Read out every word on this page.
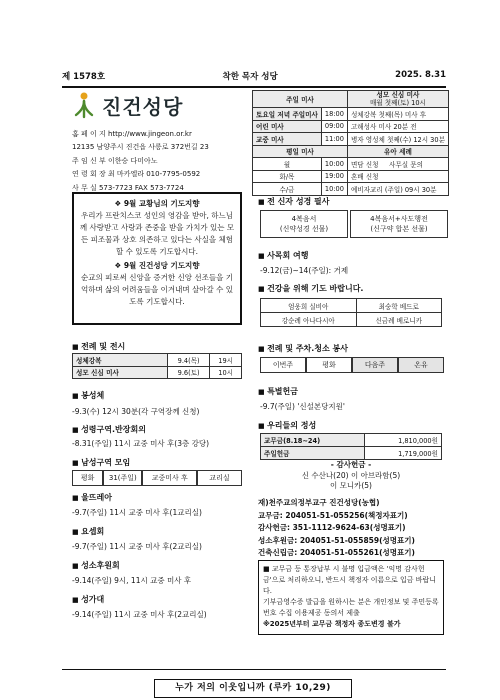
제 1578호	착한 목자 성당	2025. 8.31
진건성당
홈 페 이 지 http://www.jingeon.or.kr
12135 남양주시 진건읍 사릉로 372번길 23
주 임 신 부 이한승 다미아노
연 령 회 장 최 마카엘라 010-7795-0592
사 무 실 573-7723 FAX 573-7724
주일 미사		성모 신심 미사
매월 첫째(토) 10시
토요일 저녁 주일미사	18:00	성체강복 첫째(목) 미사 후
어린 미사	09:00	고해성사 미사 20분 전
교중 미사	11:00	병자 영성체 첫째(수) 12시 30분
평일 미사		유아 세례
월	10:00	면담 신청 사무실 문의
화/목	19:00	혼배 신청
수/금	10:00	예비자교리 (주일) 09시 30분

❖ 9월 교황님의 기도지향

우리가 프란치스코 성인의 영감을 받아, 하느님께 사랑받고 사랑과 존중을 받을 가치가 있는 모든 피조물과 상호 의존하고 있다는 사실을 체험할 수 있도록 기도합시다.

❖ 9월 진건성당 기도지향

순교의 피로써 신앙을 증거한 신앙 선조들을 기억하며 삶의 어려움들을 이겨내며 살아갈 수 있도록 기도합시다.

■ 전례 및 전시
성체강복	9.4(목)	19시
성모 신심 미사	9.6(토)	10시
■ 봉성체
-9.3(수) 12시 30분(각 구역장께 신청)
■ 성령구역.반장회의
-8.31(주일) 11시 교중 미사 후(3층 강당)
■ 남성구역 모임
평화	31(주일)	교중미사 후	교리실
■ 울뜨레아
-9.7(주일) 11시 교중 미사 후(1교리실)
■ 요셉회
-9.7(주일) 11시 교중 미사 후(2교리실)
■ 성소후원회
-9.14(주일) 9시, 11시 교중 미사 후
■ 성가대
-9.14(주일) 11시 교중 미사 후(2교리실)
■ 전 신자 성경 필사
4복음서
(신약성경 선물)
4복음서+사도행전
(신구약 합본 선물)
■ 사목회 여행
-9.12(금)~14(주일): 거제
■ 건강을 위해 기도 바랍니다.
엄웅희 실비아	최숭학 베드로
강순례 아나다시아	신금례 베로니카
■ 전례 및 주차.청소 봉사
이번주	평화	다음주	온유
■ 특별헌금
-9.7(주일) '신설본당지원'
■ 우리들의 정성
교무금(8.18~24)	1,810,000원
주일헌금	1,719,000원
- 감사헌금 -
신 수산나(20) 이 아브라함(5)
이 모니카(5)
재)천주교의정부교구 진건성당(농협)
교무금: 204051-51-055256(책정자표기)
감사헌금: 351-1112-9624-63(성명표기)
성소후원금: 204051-51-055859(성명표기)
건축신립금: 204051-51-055261(성명표기)
■ 교무금 등 통장납부 시 불명 입금액은 '익명 감사헌금'으로 처리하오니, 반드시 책정자 이름으로 입금 바랍니다.
기부금영수증 발급을 원하시는 분은 개인정보 및 주민등록번호 수집 이용제공 동의서 제출
※2025년부터 교무금 책정자 종도변경 불가
누가 저의 이웃입니까 (루카 10,29)
